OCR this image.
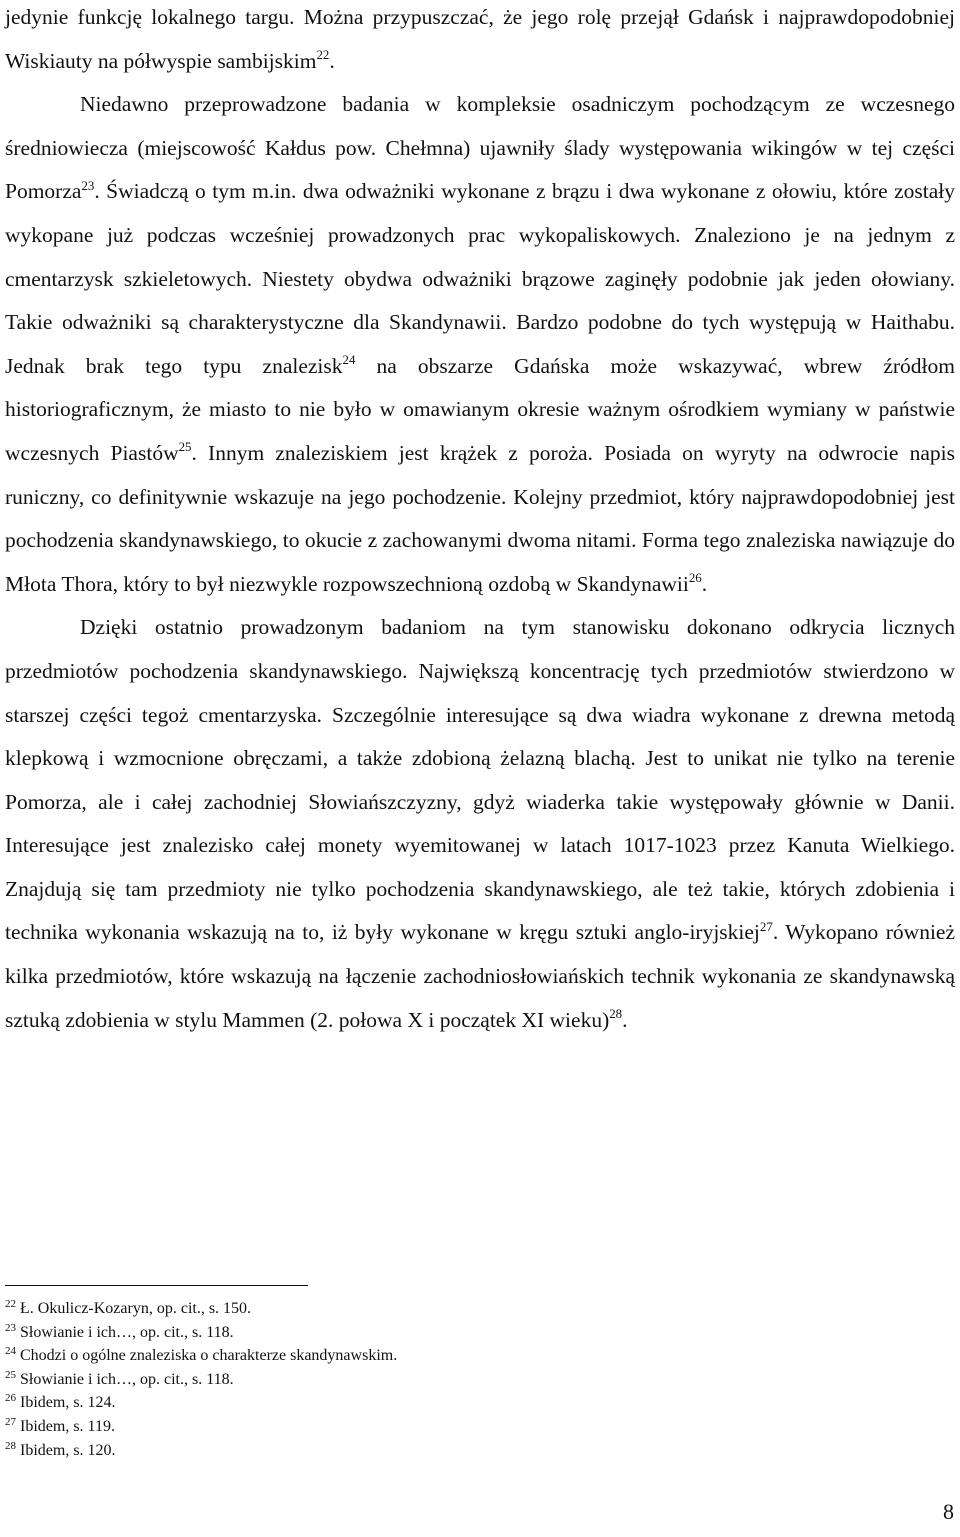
jedynie funkcję lokalnego targu. Można przypuszczać, że jego rolę przejął Gdańsk i najprawdopodobniej Wiskiauty na półwyspie sambijskim$^{22}$.

Niedawno przeprowadzone badania w kompleksie osadniczym pochodzącym ze wczesnego średniowiecza (miejscowość Kałdus pow. Chełmna) ujawniły ślady występowania wikingów w tej części Pomorza$^{23}$. Świadczą o tym m.in. dwa odważniki wykonane z brązu i dwa wykonane z ołowiu, które zostały wykopane już podczas wcześniej prowadzonych prac wykopaliskowych. Znaleziono je na jednym z cmentarzysk szkieletowych. Niestety obydwa odważniki brązowe zaginęły podobnie jak jeden ołowiany. Takie odważniki są charakterystyczne dla Skandynawii. Bardzo podobne do tych występują w Haithabu. Jednak brak tego typu znalezisk$^{24}$ na obszarze Gdańska może wskazywać, wbrew źródłom historiograficznym, że miasto to nie było w omawianym okresie ważnym ośrodkiem wymiany w państwie wczesnych Piastów$^{25}$. Innym znaleziskiem jest krążek z poroża. Posiada on wyryty na odwrocie napis runiczny, co definitywnie wskazuje na jego pochodzenie. Kolejny przedmiot, który najprawdopodobniej jest pochodzenia skandynawskiego, to okucie z zachowanymi dwoma nitami. Forma tego znaleziska nawiązuje do Młota Thora, który to był niezwykle rozpowszechnioną ozdobą w Skandynawii$^{26}$.

Dzięki ostatnio prowadzonym badaniom na tym stanowisku dokonano odkrycia licznych przedmiotów pochodzenia skandynawskiego. Największą koncentrację tych przedmiotów stwierdzono w starszej części tegoż cmentarzyska. Szczególnie interesujące są dwa wiadra wykonane z drewna metodą klepkową i wzmocnione obręczami, a także zdobioną żelazną blachą. Jest to unikat nie tylko na terenie Pomorza, ale i całej zachodniej Słowiańszczyzny, gdyż wiaderka takie występowały głównie w Danii. Interesujące jest znalezisko całej monety wyemitowanej w latach 1017-1023 przez Kanuta Wielkiego. Znajdują się tam przedmioty nie tylko pochodzenia skandynawskiego, ale też takie, których zdobienia i technika wykonania wskazują na to, iż były wykonane w kręgu sztuki anglo-iryjskiej$^{27}$. Wykopano również kilka przedmiotów, które wskazują na łączenie zachodniosłowiańskich technik wykonania ze skandynawską sztuką zdobienia w stylu Mammen (2. połowa X i początek XI wieku)$^{28}$.

$^{22}$ Ł. Okulicz-Kozaryn, op. cit., s. 150.
$^{23}$ Słowianie i ich…, op. cit., s. 118.
$^{24}$ Chodzi o ogólne znaleziska o charakterze skandynawskim.
$^{25}$ Słowianie i ich…, op. cit., s. 118.
$^{26}$ Ibidem, s. 124.
$^{27}$ Ibidem, s. 119.
$^{28}$ Ibidem, s. 120.
8
